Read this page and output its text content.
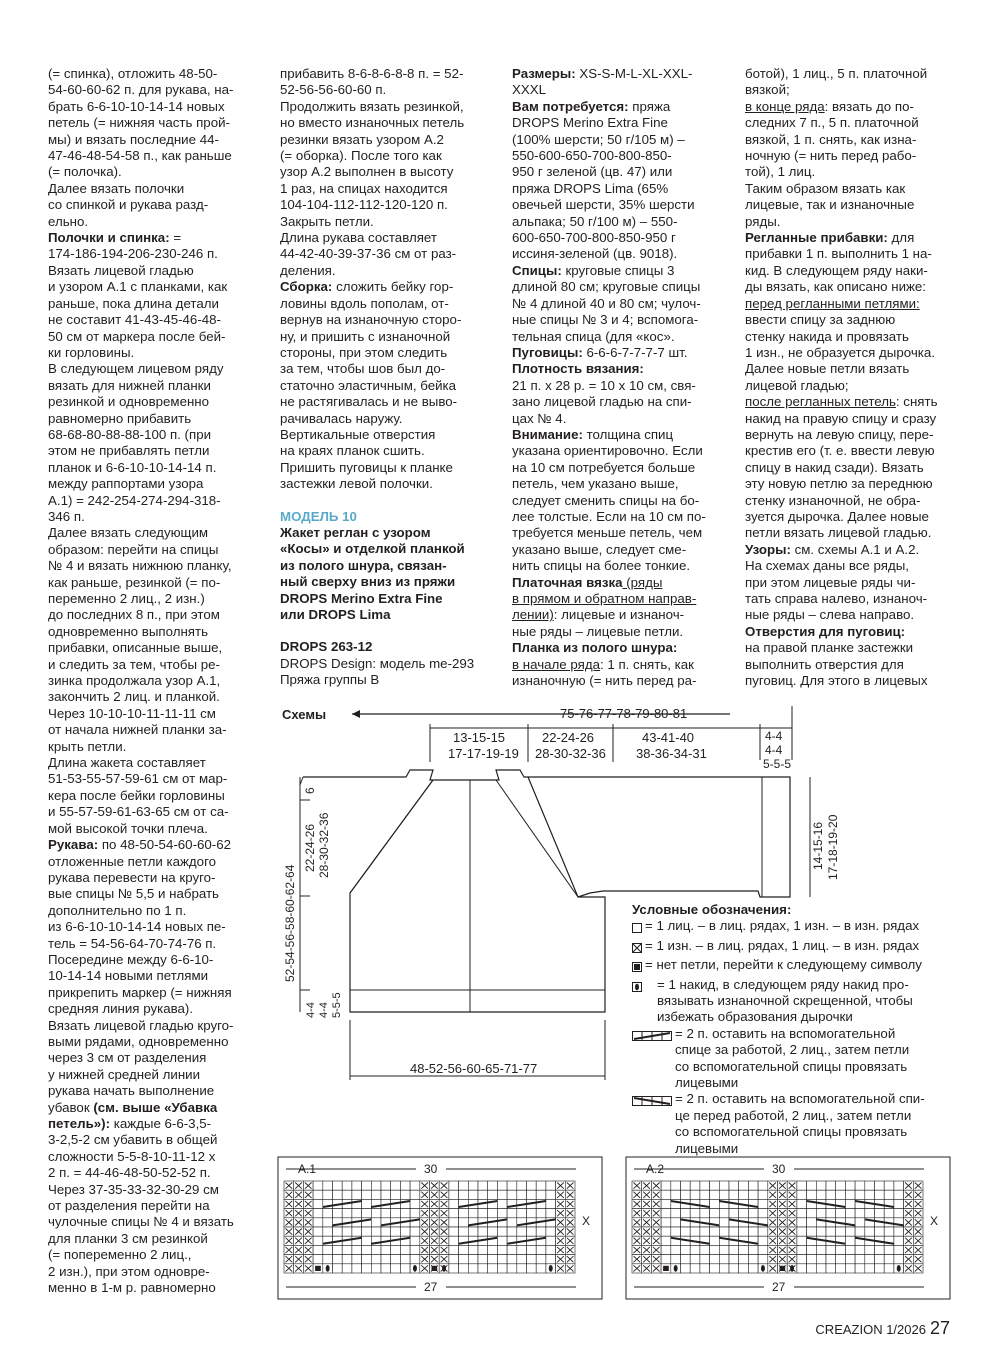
(= спинка), отложить 48-50-

54-60-60-62 п. для рукава, на-

брать 6-6-10-10-14-14 новых

петель (= нижняя часть прой-

мы) и вязать последние 44-

47-46-48-54-58 п., как раньше

(= полочка).

Далее вязать полочки

со спинкой и рукава разд-

ельно.

Полочки и спинка: =

174-186-194-206-230-246 п.

Вязать лицевой гладью

и узором А.1 с планками, как

раньше, пока длина детали

не составит 41-43-45-46-48-

50 см от маркера после бей-

ки горловины.

В следующем лицевом ряду

вязать для нижней планки

резинкой и одновременно

равномерно прибавить

68-68-80-88-88-100 п. (при

этом не прибавлять петли

планок и 6-6-10-10-14-14 п.

между раппортами узора

А.1) = 242-254-274-294-318-

346 п.

Далее вязать следующим

образом: перейти на спицы

№ 4 и вязать нижнюю планку,

как раньше, резинкой (= по-

переменно 2 лиц., 2 изн.)

до последних 8 п., при этом

одновременно выполнять

прибавки, описанные выше,

и следить за тем, чтобы ре-

зинка продолжала узор А.1,

закончить 2 лиц. и планкой.

Через 10-10-10-11-11-11 см

от начала нижней планки за-

крыть петли.

Длина жакета составляет

51-53-55-57-59-61 см от мар-

кера после бейки горловины

и 55-57-59-61-63-65 см от са-

мой высокой точки плеча.

Рукава: по 48-50-54-60-60-62

отложенные петли каждого

рукава перевести на круго-

вые спицы № 5,5 и набрать

дополнительно по 1 п.

из 6-6-10-10-14-14 новых пе-

тель = 54-56-64-70-74-76 п.

Посередине между 6-6-10-

10-14-14 новыми петлями

прикрепить маркер (= нижняя

средняя линия рукава).

Вязать лицевой гладью круго-

выми рядами, одновременно

через 3 см от разделения

у нижней средней линии

рукава начать выполнение

убавок (см. выше «Убавка

петель»): каждые 6-6-3,5-

3-2,5-2 см убавить в общей

сложности 5-5-8-10-11-12 х

2 п. = 44-46-48-50-52-52 п.

Через 37-35-33-32-30-29 см

от разделения перейти на

чулочные спицы № 4 и вязать

для планки 3 см резинкой

(= попеременно 2 лиц.,

2 изн.), при этом одновре-

менно в 1-м р. равномерно

прибавить 8-6-8-6-8-8 п. = 52-

52-56-56-60-60 п.

Продолжить вязать резинкой,

но вместо изнаночных петель

резинки вязать узором А.2

(= оборка). После того как

узор А.2 выполнен в высоту

1 раз, на спицах находится

104-104-112-112-120-120 п.

Закрыть петли.

Длина рукава составляет

44-42-40-39-37-36 см от раз-

деления.

Сборка: сложить бейку гор-

ловины вдоль пополам, от-

вернув на изнаночную сторо-

ну, и пришить с изнаночной

стороны, при этом следить

за тем, чтобы шов был до-

статочно эластичным, бейка

не растягивалась и не выво-

рачивалась наружу.

Вертикальные отверстия

на краях планок сшить.

Пришить пуговицы к планке

застежки левой полочки.

МОДЕЛЬ 10

Жакет реглан с узором

«Косы» и отделкой планкой

из полого шнура, связан-

ный сверху вниз из пряжи

DROPS Merino Extra Fine

или DROPS Lima

DROPS 263-12

DROPS Design: модель me-293

Пряжа группы B

Размеры: XS-S-M-L-XL-XXL-

XXXL

Вам потребуется: пряжа

DROPS Merino Extra Fine

(100% шерсти; 50 г/105 м) –

550-600-650-700-800-850-

950 г зеленой (цв. 47) или

пряжа DROPS Lima (65%

овечьей шерсти, 35% шерсти

альпака; 50 г/100 м) – 550-

600-650-700-800-850-950 г

иссиня-зеленой (цв. 9018).

Спицы: круговые спицы 3

длиной 80 см; круговые спицы

№ 4 длиной 40 и 80 см; чулоч-

ные спицы № 3 и 4; вспомога-

тельная спица (для «кос».

Пуговицы: 6-6-6-7-7-7-7 шт.

Плотность вязания:

21 п. х 28 р. = 10 х 10 см, свя-

зано лицевой гладью на спи-

цах № 4.

Внимание: толщина спиц

указана ориентировочно. Если

на 10 см потребуется больше

петель, чем указано выше,

следует сменить спицы на бо-

лее толстые. Если на 10 см по-

требуется меньше петель, чем

указано выше, следует сме-

нить спицы на более тонкие.

Платочная вязка (ряды

в прямом и обратном направ-

лении): лицевые и изнаноч-

ные ряды – лицевые петли.

Планка из полого шнура:

в начале ряда: 1 п. снять, как

изнаночную (= нить перед ра-

ботой), 1 лиц., 5 п. платочной

вязкой;

в конце ряда: вязать до по-

следних 7 п., 5 п. платочной

вязкой, 1 п. снять, как изна-

ночную (= нить перед рабо-

той), 1 лиц.

Таким образом вязать как

лицевые, так и изнаночные

ряды.

Регланные прибавки: для

прибавки 1 п. выполнить 1 на-

кид. В следующем ряду наки-

ды вязать, как описано ниже:

перед регланными петлями:

ввести спицу за заднюю

стенку накида и провязать

1 изн., не образуется дырочка.

Далее новые петли вязать

лицевой гладью;

после регланных петель: снять

накид на правую спицу и сразу

вернуть на левую спицу, пере-

крестив его (т. е. ввести левую

спицу в накид сзади). Вязать

эту новую петлю за переднюю

стенку изнаночной, не обра-

зуется дырочка. Далее новые

петли вязать лицевой гладью.

Узоры: см. схемы А.1 и А.2.

На схемах даны все ряды,

при этом лицевые ряды чи-

тать справа налево, изнаноч-

ные ряды – слева направо.

Отверстия для пуговиц:

на правой планке застежки

выполнить отверстия для

пуговиц. Для этого в лицевых

Схемы	75-76-77-78-79-80-81
13-15-15
17-17-19-19
22-24-26
28-30-32-36
43-41-40
38-36-34-31
4-4
4-4
5-5-5
14-15-16 17-18-19-20
52-54-56-58-60-62-64
6
22-24-26 28-30-32-36
4-4 4-4 5-5-5
48-52-56-60-65-71-77

Условные обозначения:

= 1 лиц. – в лиц. рядах, 1 изн. – в изн. рядах
= 1 изн. – в лиц. рядах, 1 лиц. – в изн. рядах
= нет петли, перейти к следующему символу

= 1 накид, в следующем ряду накид про-

вязывать изнаночной скрещенной, чтобы

избежать образования дырочки

= 2 п. оставить на вспомогательной

спице за работой, 2 лиц., затем петли

со вспомогательной спицы провязать

лицевыми

= 2 п. оставить на вспомогательной спи-

це перед работой, 2 лиц., затем петли

со вспомогательной спицы провязать

лицевыми

А.1	30
X
27
А.2	30
X
27
CREAZION 1/2026 27
